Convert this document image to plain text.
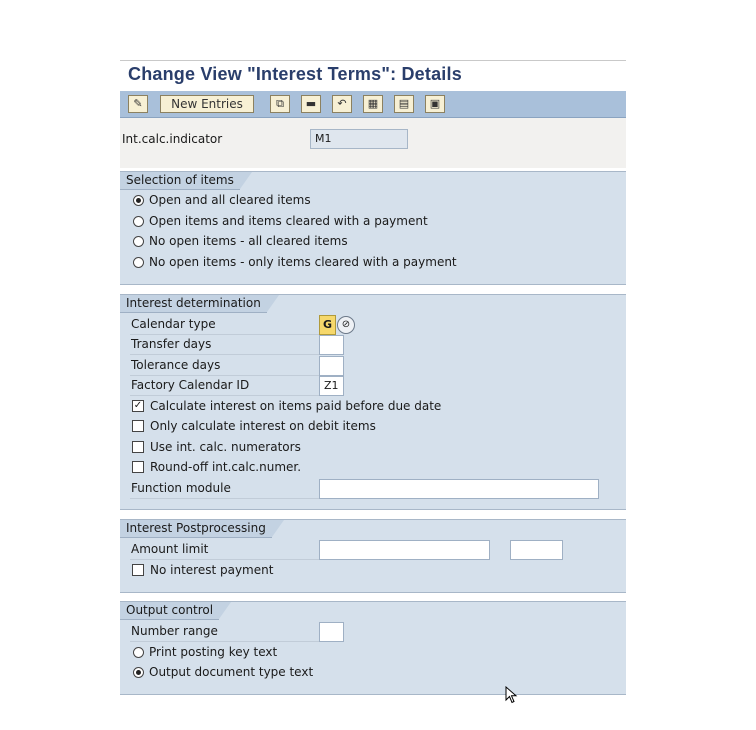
Change View "Interest Terms": Details
✎	New Entries	⧉	▬	↶	▦	▤	▣
Int.calc.indicator	M1
Selection of items
Open and all cleared items
Open items and items cleared with a payment
No open items - all cleared items
No open items - only items cleared with a payment
Interest determination
Calendar type	G ⊘
Transfer days
Tolerance days
Factory Calendar ID	Z1
✓ Calculate interest on items paid before due date
Only calculate interest on debit items
Use int. calc. numerators
Round-off int.calc.numer.
Function module
Interest Postprocessing
Amount limit
No interest payment
Output control
Number range
Print posting key text
Output document type text
